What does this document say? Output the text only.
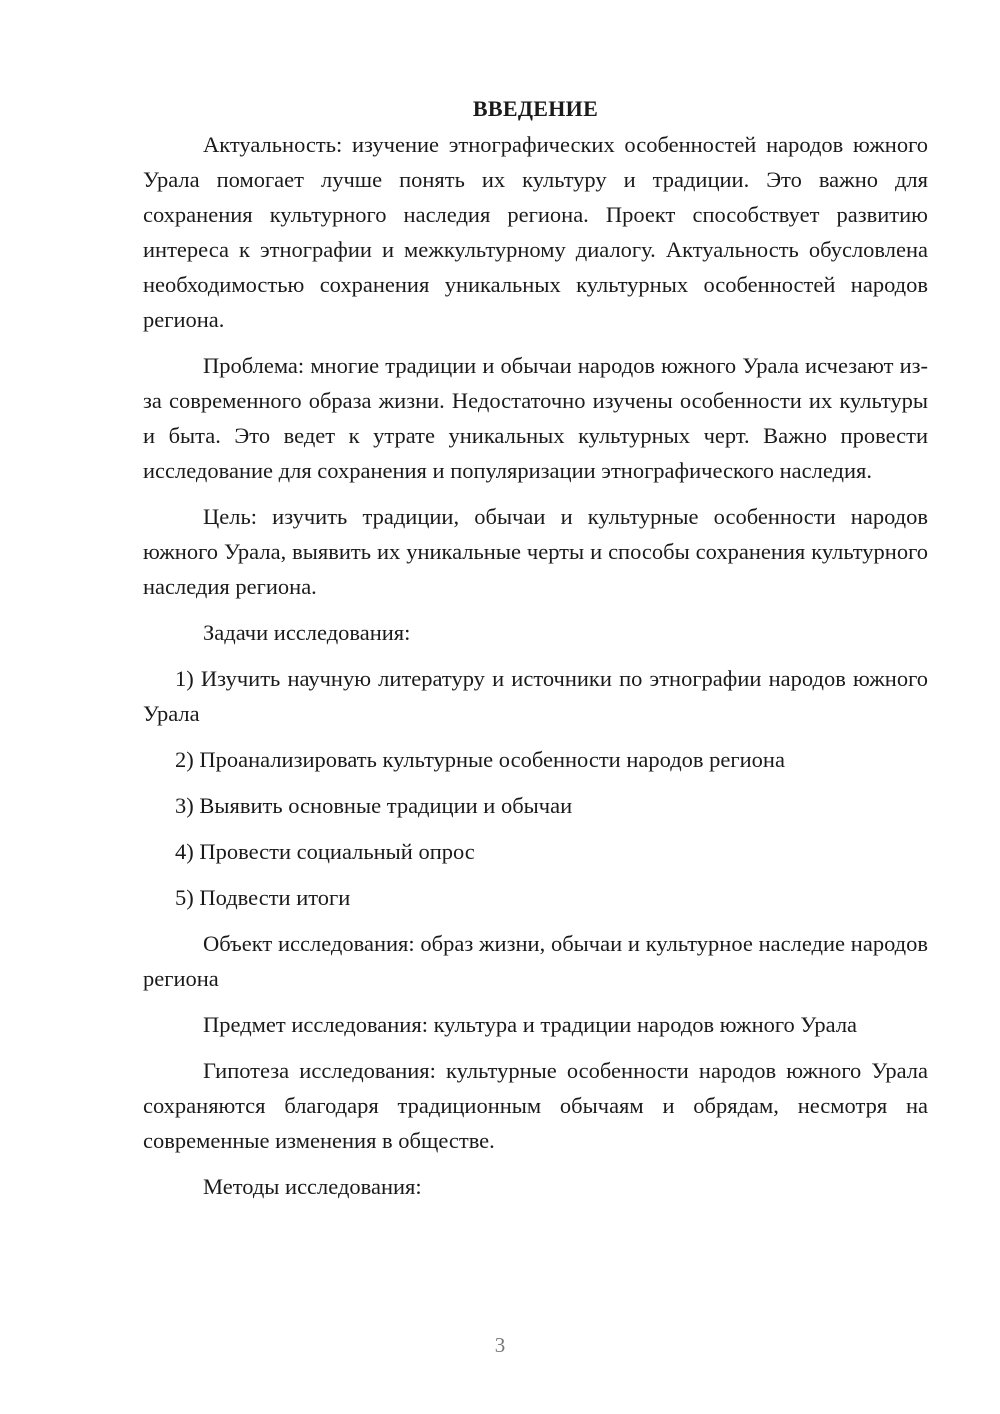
ВВЕДЕНИЕ

Актуальность: изучение этнографических особенностей народов южного Урала помогает лучше понять их культуру и традиции. Это важно для сохранения культурного наследия региона. Проект способствует развитию интереса к этнографии и межкультурному диалогу. Актуальность обусловлена необходимостью сохранения уникальных культурных особенностей народов региона.

Проблема: многие традиции и обычаи народов южного Урала исчезают из-за современного образа жизни. Недостаточно изучены особенности их культуры и быта. Это ведет к утрате уникальных культурных черт. Важно провести исследование для сохранения и популяризации этнографического наследия.

Цель: изучить традиции, обычаи и культурные особенности народов южного Урала, выявить их уникальные черты и способы сохранения культурного наследия региона.

Задачи исследования:

1) Изучить научную литературу и источники по этнографии народов южного Урала

2) Проанализировать культурные особенности народов региона

3) Выявить основные традиции и обычаи

4) Провести социальный опрос

5) Подвести итоги

Объект исследования: образ жизни, обычаи и культурное наследие народов региона

Предмет исследования: культура и традиции народов южного Урала

Гипотеза исследования: культурные особенности народов южного Урала сохраняются благодаря традиционным обычаям и обрядам, несмотря на современные изменения в обществе.

Методы исследования:

3
